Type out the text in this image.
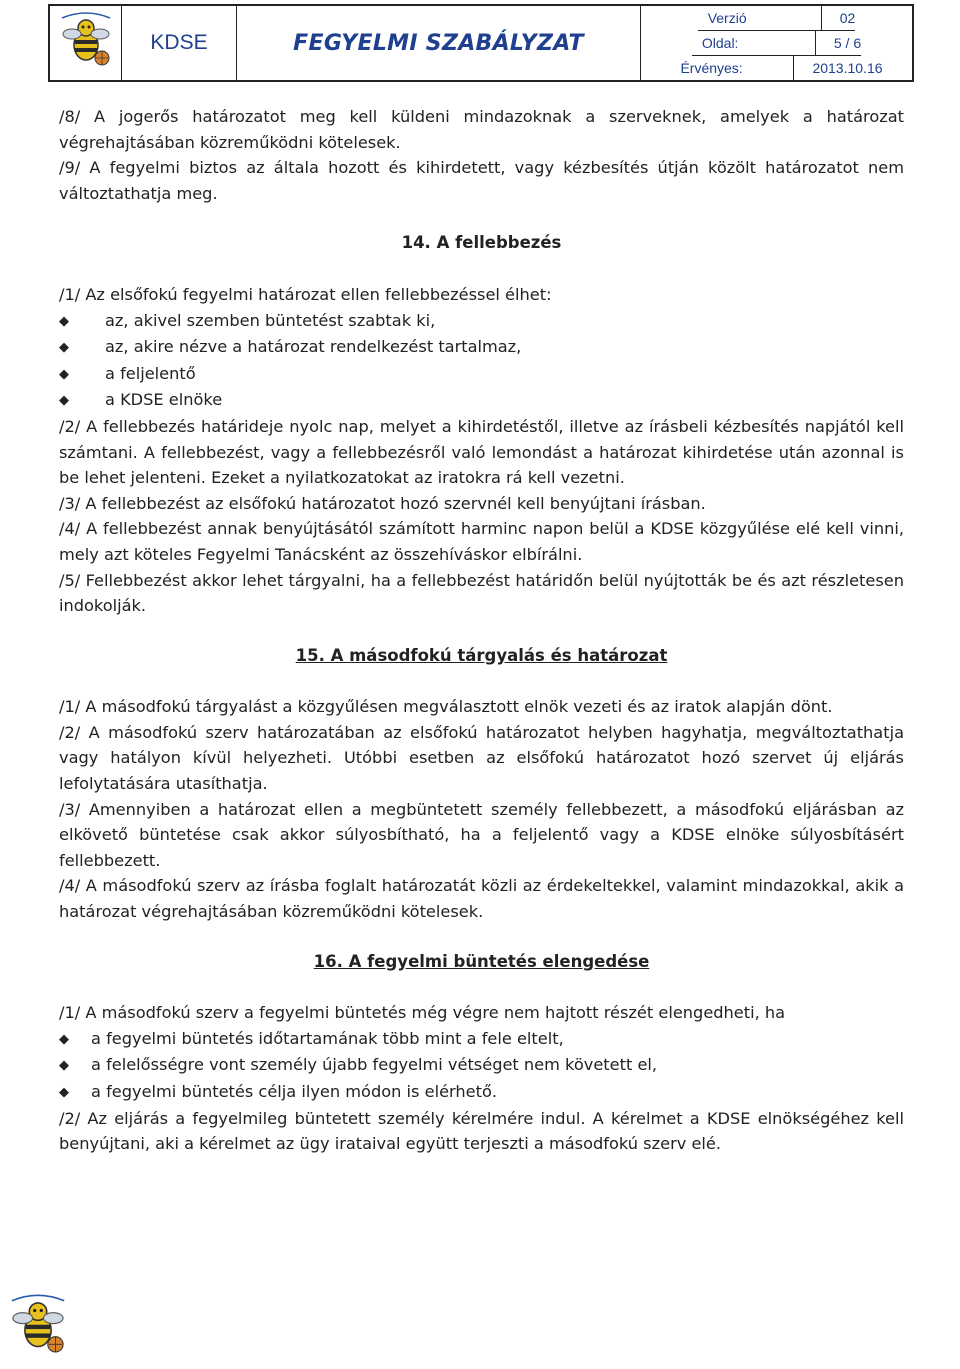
KDSE	FEGYELMI SZABÁLYZAT
Verzió	02
Oldal:	5 / 6
Érvényes:	2013.10.16

/8/ A jogerős határozatot meg kell küldeni mindazoknak a szerveknek, amelyek a határozat végrehajtásában közreműködni kötelesek.

/9/ A fegyelmi biztos az általa hozott és kihirdetett, vagy kézbesítés útján közölt határozatot nem változtathatja meg.

14. A fellebbezés

/1/ Az elsőfokú fegyelmi határozat ellen fellebbezéssel élhet:

◆	az, akivel szemben büntetést szabtak ki,
◆	az, akire nézve a határozat rendelkezést tartalmaz,
◆	a feljelentő
◆	a KDSE elnöke

/2/ A fellebbezés határideje nyolc nap, melyet a kihirdetéstől, illetve az írásbeli kézbesítés napjától kell számtani. A fellebbezést, vagy a fellebbezésről való lemondást a határozat kihirdetése után azonnal is be lehet jelenteni. Ezeket a nyilatkozatokat az iratokra rá kell vezetni.

/3/ A fellebbezést az elsőfokú határozatot hozó szervnél kell benyújtani írásban.

/4/ A fellebbezést annak benyújtásától számított harminc napon belül a KDSE közgyűlése elé kell vinni, mely azt köteles Fegyelmi Tanácsként az összehíváskor elbírálni.

/5/ Fellebbezést akkor lehet tárgyalni, ha a fellebbezést határidőn belül nyújtották be és azt részletesen indokolják.

15. A másodfokú tárgyalás és határozat

/1/ A másodfokú tárgyalást a közgyűlésen megválasztott elnök vezeti és az iratok alapján dönt.

/2/ A másodfokú szerv határozatában az elsőfokú határozatot helyben hagyhatja, megváltoztathatja vagy hatályon kívül helyezheti. Utóbbi esetben az elsőfokú határozatot hozó szervet új eljárás lefolytatására utasíthatja.

/3/ Amennyiben a határozat ellen a megbüntetett személy fellebbezett, a másodfokú eljárásban az elkövető büntetése csak akkor súlyosbítható, ha a feljelentő vagy a KDSE elnöke súlyosbításért fellebbezett.

/4/ A másodfokú szerv az írásba foglalt határozatát közli az érdekeltekkel, valamint mindazokkal, akik a határozat végrehajtásában közreműködni kötelesek.

16. A fegyelmi büntetés elengedése

/1/ A másodfokú szerv a fegyelmi büntetés még végre nem hajtott részét elengedheti, ha

◆	a fegyelmi büntetés időtartamának több mint a fele eltelt,
◆	a felelősségre vont személy újabb fegyelmi vétséget nem követett el,
◆	a fegyelmi büntetés célja ilyen módon is elérhető.

/2/ Az eljárás a fegyelmileg büntetett személy kérelmére indul. A kérelmet a KDSE elnökségéhez kell benyújtani, aki a kérelmet az ügy irataival együtt terjeszti a másodfokú szerv elé.
